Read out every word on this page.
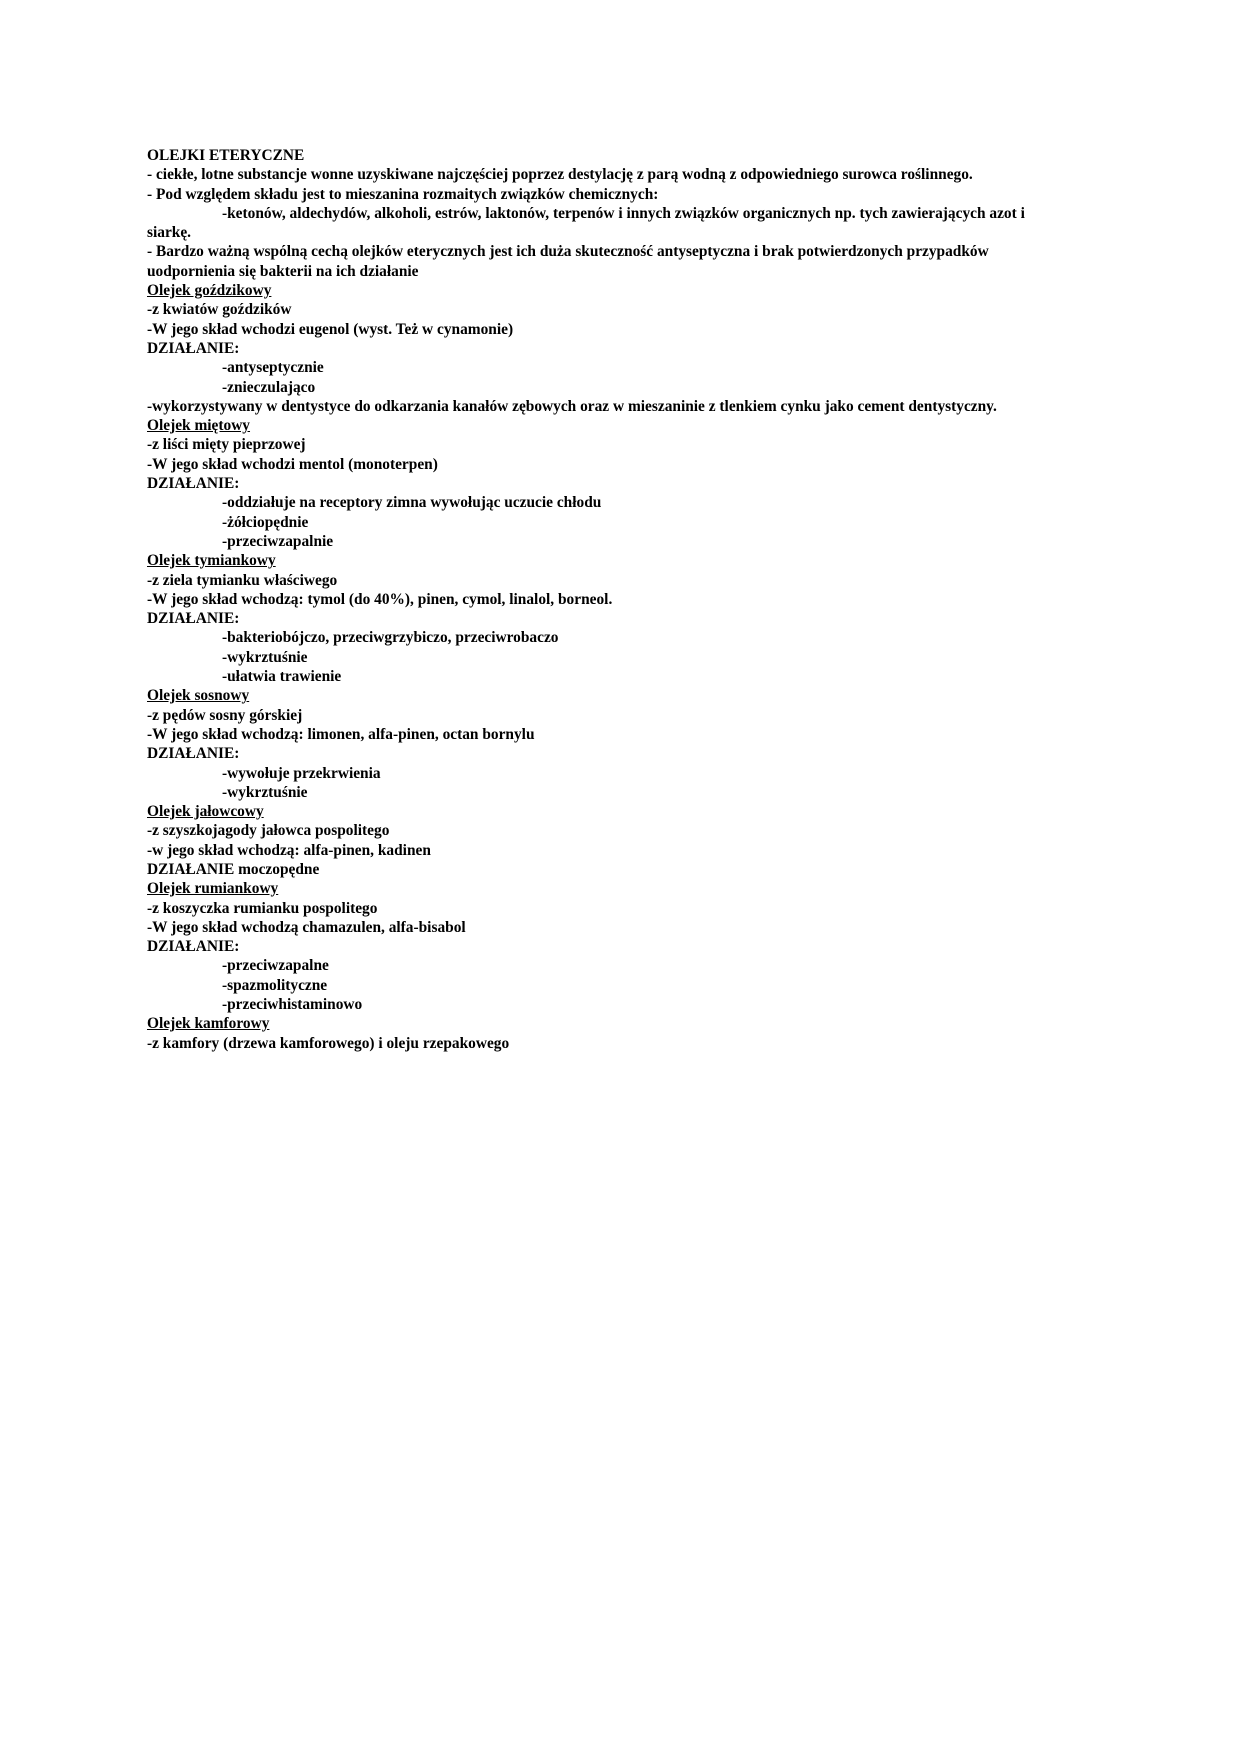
OLEJKI ETERYCZNE
- ciekłe, lotne substancje wonne uzyskiwane najczęściej poprzez destylację z parą wodną z odpowiedniego surowca roślinnego.
- Pod względem składu jest to mieszanina rozmaitych związków chemicznych:
-ketonów, aldechydów, alkoholi, estrów, laktonów, terpenów i innych związków organicznych np. tych zawierających azot i siarkę.
- Bardzo ważną wspólną cechą olejków eterycznych jest ich duża skuteczność antyseptyczna i brak potwierdzonych przypadków uodpornienia się bakterii na ich działanie
Olejek goździkowy
-z kwiatów goździków
-W jego skład wchodzi eugenol (wyst. Też w cynamonie)
DZIAŁANIE:
-antyseptycznie
-znieczulająco
-wykorzystywany w dentystyce do odkarzania kanałów zębowych oraz w mieszaninie z tlenkiem cynku jako cement dentystyczny.
Olejek miętowy
-z liści mięty pieprzowej
-W jego skład wchodzi mentol (monoterpen)
DZIAŁANIE:
-oddziałuje na receptory zimna wywołując uczucie chłodu
-żółciopędnie
-przeciwzapalnie
Olejek tymiankowy
-z ziela tymianku właściwego
-W jego skład wchodzą: tymol (do 40%), pinen, cymol, linalol, borneol.
DZIAŁANIE:
-bakteriobójczo, przeciwgrzybiczo, przeciwrobaczo
-wykrztuśnie
-ułatwia trawienie
Olejek sosnowy
-z pędów sosny górskiej
-W jego skład wchodzą: limonen, alfa-pinen, octan bornylu
DZIAŁANIE:
-wywołuje przekrwienia
-wykrztuśnie
Olejek jałowcowy
-z szyszkojagody jałowca pospolitego
-w jego skład wchodzą: alfa-pinen, kadinen
DZIAŁANIE moczopędne
Olejek rumiankowy
-z koszyczka rumianku pospolitego
-W jego skład wchodzą chamazulen, alfa-bisabol
DZIAŁANIE:
-przeciwzapalne
-spazmolityczne
-przeciwhistaminowo
Olejek kamforowy
-z kamfory (drzewa kamforowego) i oleju rzepakowego
